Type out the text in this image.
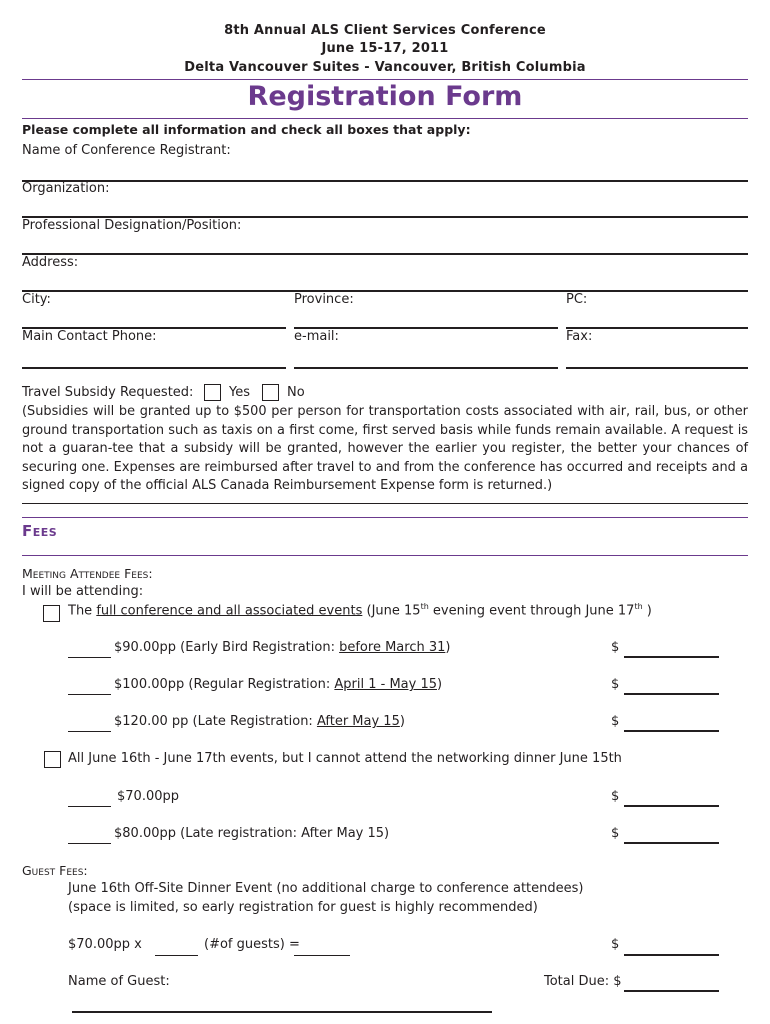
8th Annual ALS Client Services Conference
June 15-17, 2011
Delta Vancouver Suites - Vancouver, British Columbia
Registration Form
Please complete all information and check all boxes that apply:
Name of Conference Registrant:
Organization:
Professional Designation/Position:
Address:
City:	Province:	PC:
Main Contact Phone:	e-mail:	Fax:
Travel Subsidy Requested:	Yes	No
(Subsidies will be granted up to $500 per person for transportation costs associated with air, rail, bus, or other ground transportation such as taxis on a first come, first served basis while funds remain available. A request is not a guaran-tee that a subsidy will be granted, however the earlier you register, the better your chances of securing one. Expenses are reimbursed after travel to and from the conference has occurred and receipts and a signed copy of the official ALS Canada Reimbursement Expense form is returned.)
Fees
Meeting Attendee Fees:
I will be attending:
The full conference and all associated events (June 15th evening event through June 17th )
$90.00pp (Early Bird Registration: before March 31)	$
$100.00pp (Regular Registration: April 1 - May 15)	$
$120.00 pp (Late Registration: After May 15)	$
All June 16th - June 17th events, but I cannot attend the networking dinner June 15th
$70.00pp	$
$80.00pp (Late registration: After May 15)	$
Guest Fees:
June 16th Off-Site Dinner Event (no additional charge to conference attendees)
(space is limited, so early registration for guest is highly recommended)
$70.00pp x	(#of guests) =	$
Name of Guest:	Total Due: $
